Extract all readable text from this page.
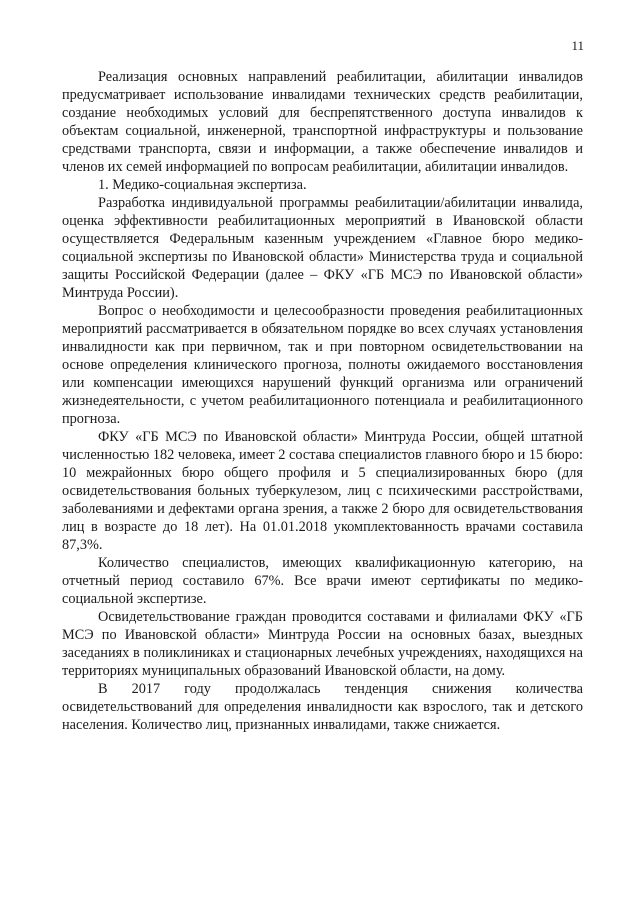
11

Реализация основных направлений реабилитации, абилитации инвалидов предусматривает использование инвалидами технических средств реабилитации, создание необходимых условий для беспрепятственного доступа инвалидов к объектам социальной, инженерной, транспортной инфраструктуры и пользование средствами транспорта, связи и информации, а также обеспечение инвалидов и членов их семей информацией по вопросам реабилитации, абилитации инвалидов.

1. Медико-социальная экспертиза.

Разработка индивидуальной программы реабилитации/абилитации инвалида, оценка эффективности реабилитационных мероприятий в Ивановской области осуществляется Федеральным казенным учреждением «Главное бюро медико-социальной экспертизы по Ивановской области» Министерства труда и социальной защиты Российской Федерации (далее – ФКУ «ГБ МСЭ по Ивановской области» Минтруда России).

Вопрос о необходимости и целесообразности проведения реабилитационных мероприятий рассматривается в обязательном порядке во всех случаях установления инвалидности как при первичном, так и при повторном освидетельствовании на основе определения клинического прогноза, полноты ожидаемого восстановления или компенсации имеющихся нарушений функций организма или ограничений жизнедеятельности, с учетом реабилитационного потенциала и реабилитационного прогноза.

ФКУ «ГБ МСЭ по Ивановской области» Минтруда России, общей штатной численностью 182 человека, имеет 2 состава специалистов главного бюро и 15 бюро: 10 межрайонных бюро общего профиля и 5 специализированных бюро (для освидетельствования больных туберкулезом, лиц с психическими расстройствами, заболеваниями и дефектами органа зрения, а также 2 бюро для освидетельствования лиц в возрасте до 18 лет). На 01.01.2018 укомплектованность врачами составила 87,3%.

Количество специалистов, имеющих квалификационную категорию, на отчетный период составило 67%. Все врачи имеют сертификаты по медико-социальной экспертизе.

Освидетельствование граждан проводится составами и филиалами ФКУ «ГБ МСЭ по Ивановской области» Минтруда России на основных базах, выездных заседаниях в поликлиниках и стационарных лечебных учреждениях, находящихся на территориях муниципальных образований Ивановской области, на дому.

В 2017 году продолжалась тенденция снижения количества освидетельствований для определения инвалидности как взрослого, так и детского населения. Количество лиц, признанных инвалидами, также снижается.
